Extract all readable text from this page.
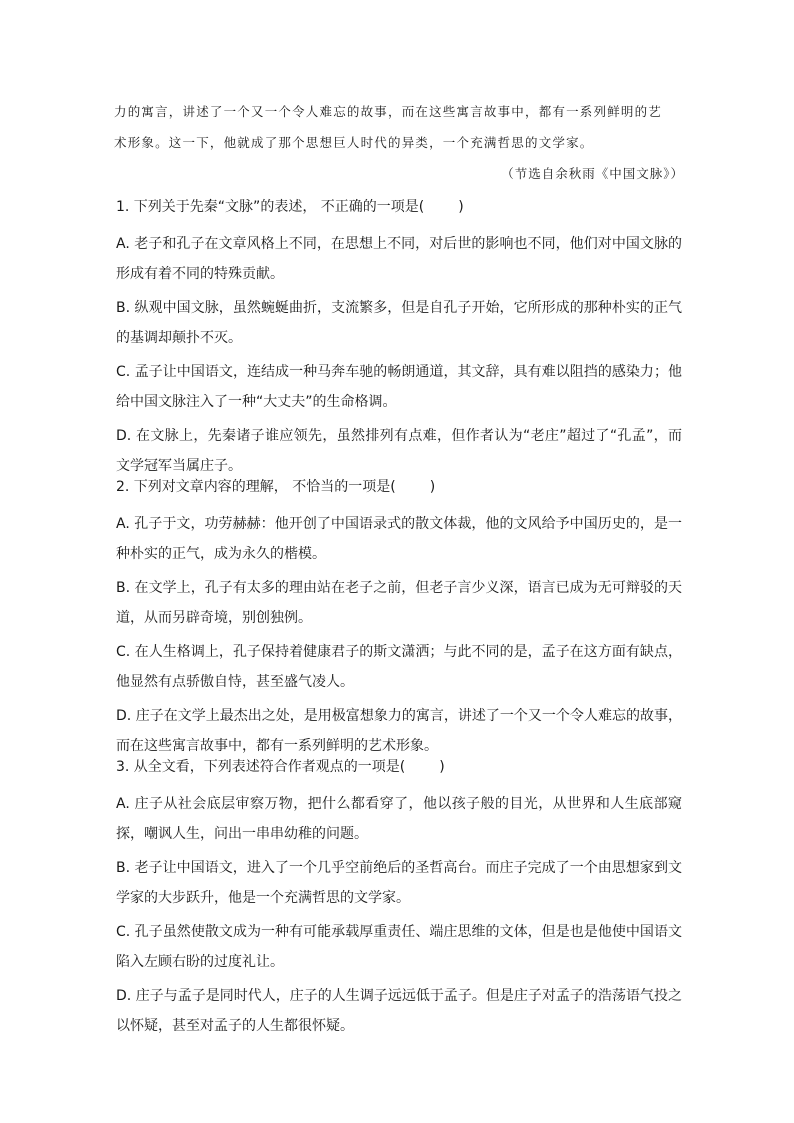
力的寓言，讲述了一个又一个令人难忘的故事，而在这些寓言故事中，都有一系列鲜明的艺
术形象。这一下，他就成了那个思想巨人时代的异类，一个充满哲思的文学家。
（节选自余秋雨《中国文脉》）

1. 下列关于先秦“文脉”的表述， 不正确的一项是( )

A. 老子和孔子在文章风格上不同，在思想上不同，对后世的影响也不同，他们对中国文脉的形成有着不同的特殊贡献。

B. 纵观中国文脉，虽然蜿蜒曲折，支流繁多，但是自孔子开始，它所形成的那种朴实的正气的基调却颠扑不灭。

C. 孟子让中国语文，连结成一种马奔车驰的畅朗通道，其文辞，具有难以阻挡的感染力；他给中国文脉注入了一种“大丈夫”的生命格调。

D. 在文脉上，先秦诸子谁应领先，虽然排列有点难，但作者认为“老庄”超过了“孔孟”，而文学冠军当属庄子。

2. 下列对文章内容的理解， 不恰当的一项是( )

A. 孔子于文，功劳赫赫：他开创了中国语录式的散文体裁，他的文风给予中国历史的，是一种朴实的正气，成为永久的楷模。

B. 在文学上，孔子有太多的理由站在老子之前，但老子言少义深，语言已成为无可辩驳的天道，从而另辟奇境，别创独例。

C. 在人生格调上，孔子保持着健康君子的斯文潇洒；与此不同的是，孟子在这方面有缺点，他显然有点骄傲自恃，甚至盛气凌人。

D. 庄子在文学上最杰出之处，是用极富想象力的寓言，讲述了一个又一个令人难忘的故事，而在这些寓言故事中，都有一系列鲜明的艺术形象。

3. 从全文看，下列表述符合作者观点的一项是( )

A. 庄子从社会底层审察万物，把什么都看穿了，他以孩子般的目光，从世界和人生底部窥探，嘲讽人生，问出一串串幼稚的问题。

B. 老子让中国语文，进入了一个几乎空前绝后的圣哲高台。而庄子完成了一个由思想家到文学家的大步跃升，他是一个充满哲思的文学家。

C. 孔子虽然使散文成为一种有可能承载厚重责任、端庄思维的文体，但是也是他使中国语文陷入左顾右盼的过度礼让。

D. 庄子与孟子是同时代人，庄子的人生调子远远低于孟子。但是庄子对孟子的浩荡语气投之以怀疑，甚至对孟子的人生都很怀疑。
